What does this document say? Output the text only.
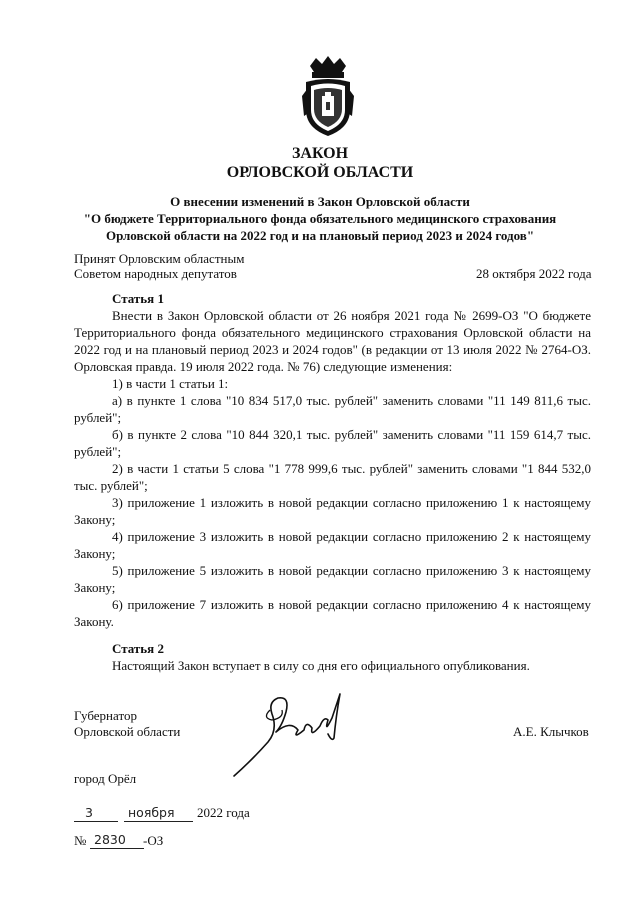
ЗАКОН
ОРЛОВСКОЙ ОБЛАСТИ
О внесении изменений в Закон Орловской области
"О бюджете Территориального фонда обязательного медицинского страхования
Орловской области на 2022 год и на плановый период 2023 и 2024 годов"
Принят Орловским областным
Советом народных депутатов	28 октября 2022 года
Статья 1
Внести в Закон Орловской области от 26 ноября 2021 года № 2699-ОЗ "О бюджете Территориального фонда обязательного медицинского страхования Орловской области на 2022 год и на плановый период 2023 и 2024 годов" (в редакции от 13 июля 2022 № 2764-ОЗ. Орловская правда. 19 июля 2022 года. № 76) следующие изменения:
1) в части 1 статьи 1:
а) в пункте 1 слова "10 834 517,0 тыс. рублей" заменить словами "11 149 811,6 тыс. рублей";
б) в пункте 2 слова "10 844 320,1 тыс. рублей" заменить словами "11 159 614,7 тыс. рублей";
2) в части 1 статьи 5 слова "1 778 999,6 тыс. рублей" заменить словами "1 844 532,0 тыс. рублей";
3) приложение 1 изложить в новой редакции согласно приложению 1 к настоящему Закону;
4) приложение 3 изложить в новой редакции согласно приложению 2 к настоящему Закону;
5) приложение 5 изложить в новой редакции согласно приложению 3 к настоящему Закону;
6) приложение 7 изложить в новой редакции согласно приложению 4 к настоящему Закону.
Статья 2
Настоящий Закон вступает в силу со дня его официального опубликования.
Губернатор
Орловской области	А.Е. Клычков
город Орёл
3	ноября 2022 года
№ 2830 -ОЗ
